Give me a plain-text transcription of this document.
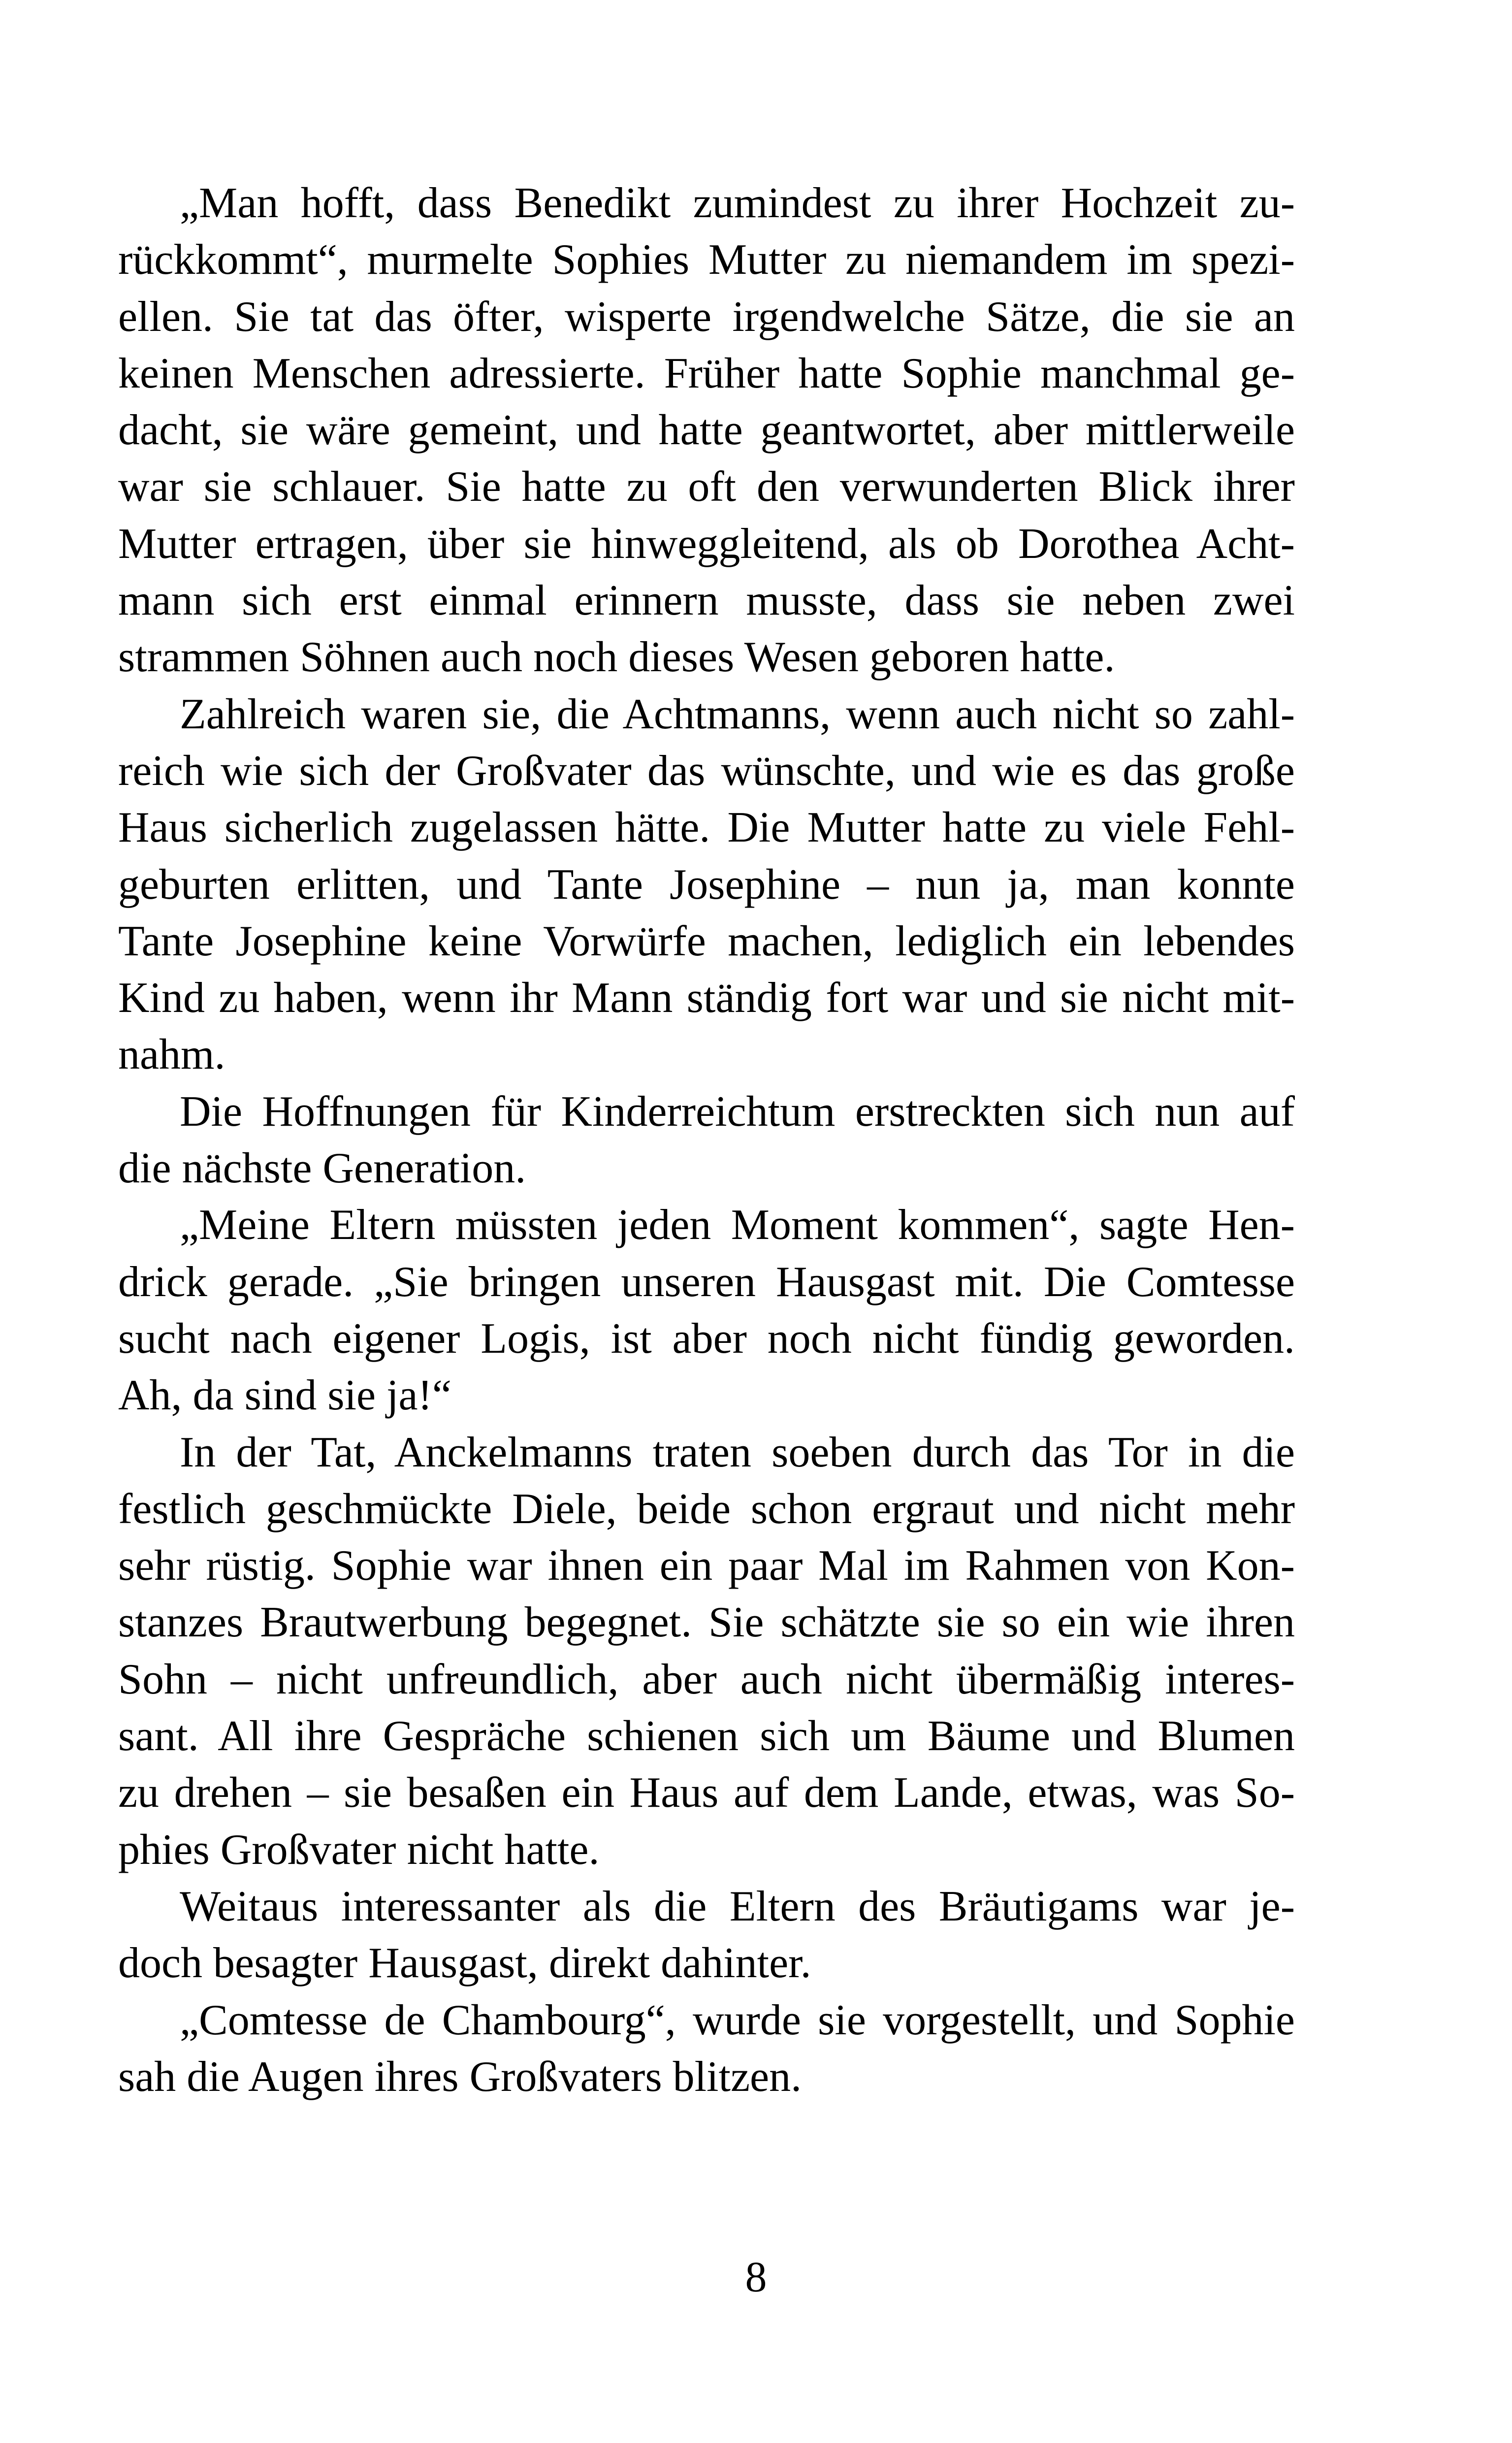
„Man hofft, dass Benedikt zumindest zu ihrer Hochzeit zu-
rückkommt“, murmelte Sophies Mutter zu niemandem im spezi-
ellen. Sie tat das öfter, wisperte irgendwelche Sätze, die sie an
keinen Menschen adressierte. Früher hatte Sophie manchmal ge-
dacht, sie wäre gemeint, und hatte geantwortet, aber mittlerweile
war sie schlauer. Sie hatte zu oft den verwunderten Blick ihrer
Mutter ertragen, über sie hinweggleitend, als ob Dorothea Acht-
mann sich erst einmal erinnern musste, dass sie neben zwei
strammen Söhnen auch noch dieses Wesen geboren hatte.
Zahlreich waren sie, die Achtmanns, wenn auch nicht so zahl-
reich wie sich der Großvater das wünschte, und wie es das große
Haus sicherlich zugelassen hätte. Die Mutter hatte zu viele Fehl-
geburten erlitten, und Tante Josephine – nun ja, man konnte
Tante Josephine keine Vorwürfe machen, lediglich ein lebendes
Kind zu haben, wenn ihr Mann ständig fort war und sie nicht mit-
nahm.
Die Hoffnungen für Kinderreichtum erstreckten sich nun auf
die nächste Generation.
„Meine Eltern müssten jeden Moment kommen“, sagte Hen-
drick gerade. „Sie bringen unseren Hausgast mit. Die Comtesse
sucht nach eigener Logis, ist aber noch nicht fündig geworden.
Ah, da sind sie ja!“
In der Tat, Anckelmanns traten soeben durch das Tor in die
festlich geschmückte Diele, beide schon ergraut und nicht mehr
sehr rüstig. Sophie war ihnen ein paar Mal im Rahmen von Kon-
stanzes Brautwerbung begegnet. Sie schätzte sie so ein wie ihren
Sohn – nicht unfreundlich, aber auch nicht übermäßig interes-
sant. All ihre Gespräche schienen sich um Bäume und Blumen
zu drehen – sie besaßen ein Haus auf dem Lande, etwas, was So-
phies Großvater nicht hatte.
Weitaus interessanter als die Eltern des Bräutigams war je-
doch besagter Hausgast, direkt dahinter.
„Comtesse de Chambourg“, wurde sie vorgestellt, und Sophie
sah die Augen ihres Großvaters blitzen.
8
